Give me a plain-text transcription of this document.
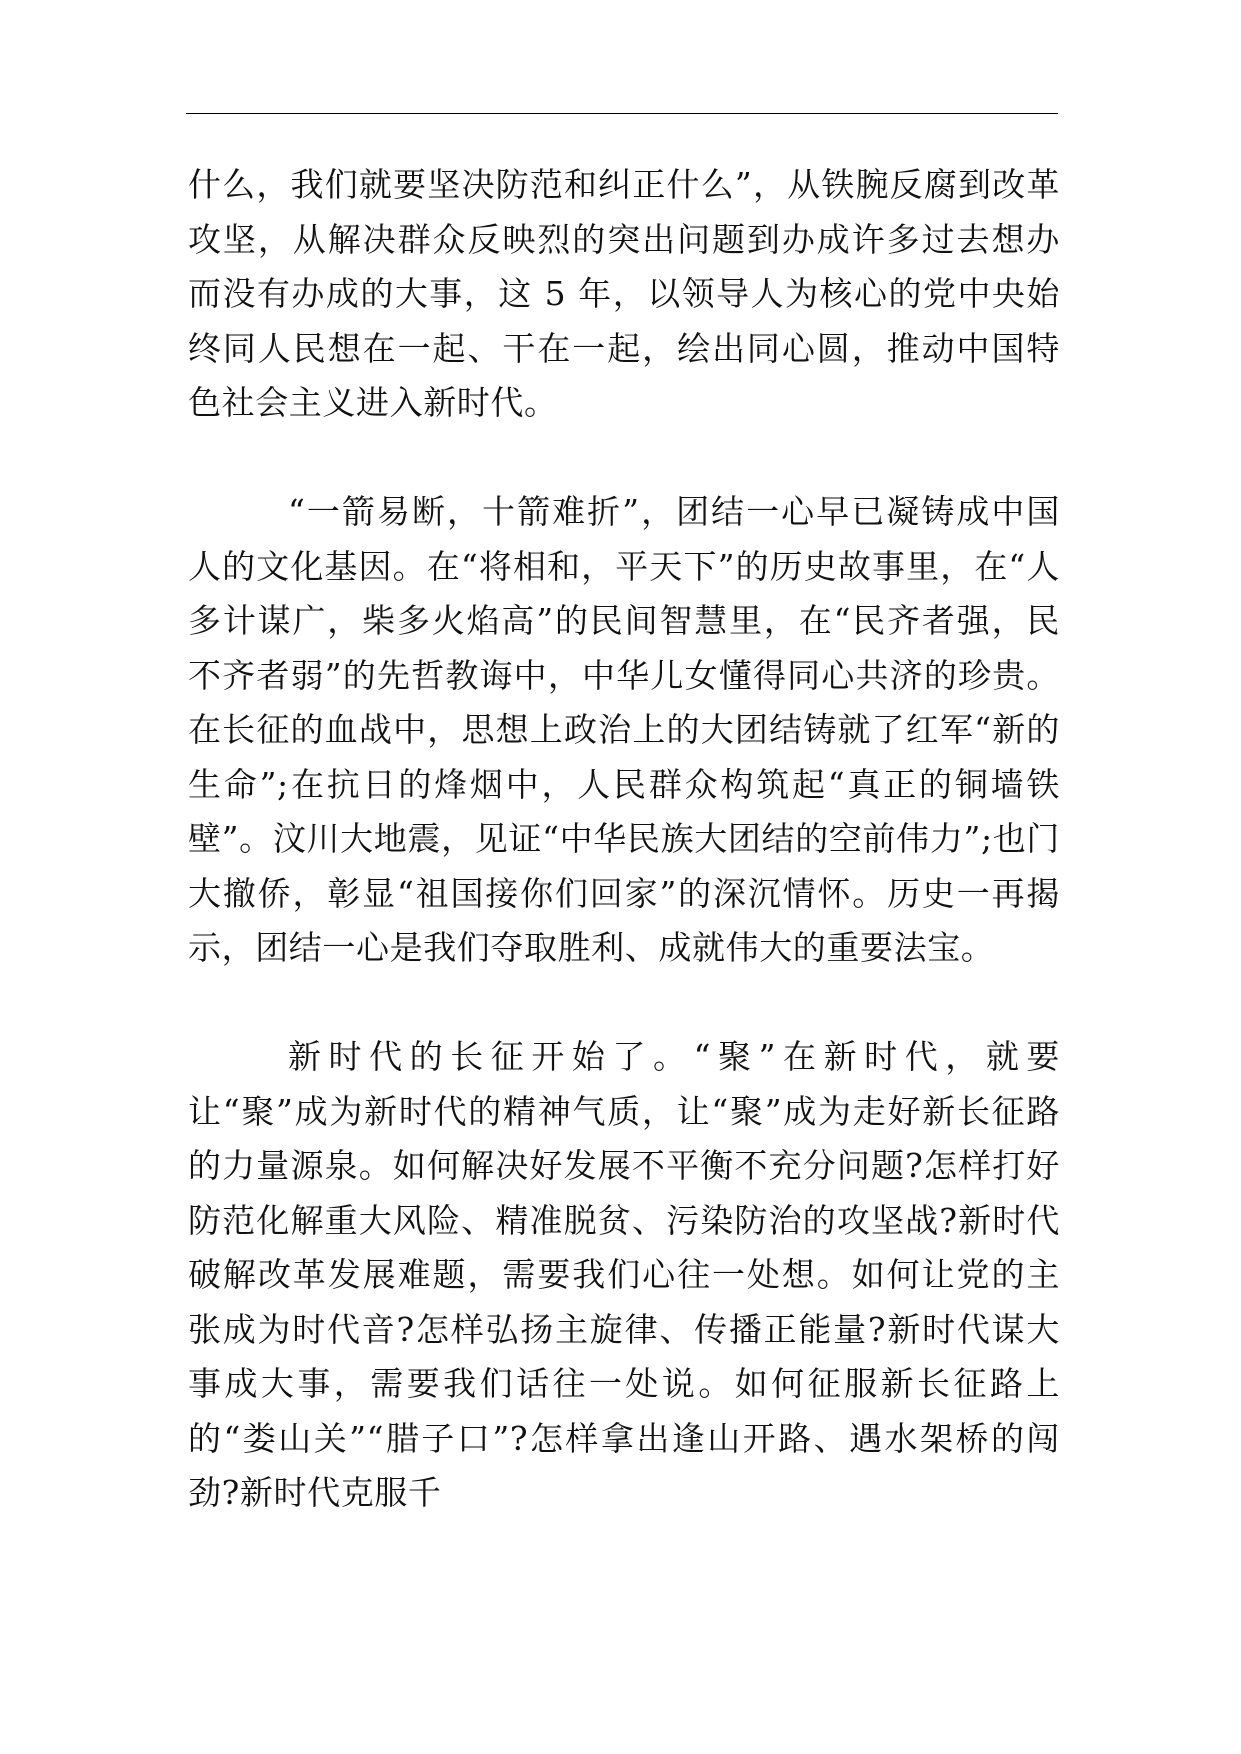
什么，我们就要坚决防范和纠正什么”，从铁腕反腐到改革攻坚，从解决群众反映烈的突出问题到办成许多过去想办而没有办成的大事，这 5 年，以领导人为核心的党中央始终同人民想在一起、干在一起，绘出同心圆，推动中国特色社会主义进入新时代。

“一箭易断，十箭难折”，团结一心早已凝铸成中国人的文化基因。在“将相和，平天下”的历史故事里，在“人多计谋广，柴多火焰高”的民间智慧里，在“民齐者强，民不齐者弱”的先哲教诲中，中华儿女懂得同心共济的珍贵。在长征的血战中，思想上政治上的大团结铸就了红军“新的生命”;在抗日的烽烟中，人民群众构筑起“真正的铜墙铁壁”。汶川大地震，见证“中华民族大团结的空前伟力”;也门大撤侨，彰显“祖国接你们回家”的深沉情怀。历史一再揭示，团结一心是我们夺取胜利、成就伟大的重要法宝。

新时代的长征开始了。“聚”在新时代，就要让“聚”成为新时代的精神气质，让“聚”成为走好新长征路的力量源泉。如何解决好发展不平衡不充分问题?怎样打好防范化解重大风险、精准脱贫、污染防治的攻坚战?新时代破解改革发展难题，需要我们心往一处想。如何让党的主张成为时代音?怎样弘扬主旋律、传播正能量?新时代谋大事成大事，需要我们话往一处说。如何征服新长征路上的“娄山关”“腊子口”?怎样拿出逢山开路、遇水架桥的闯劲?新时代克服千
